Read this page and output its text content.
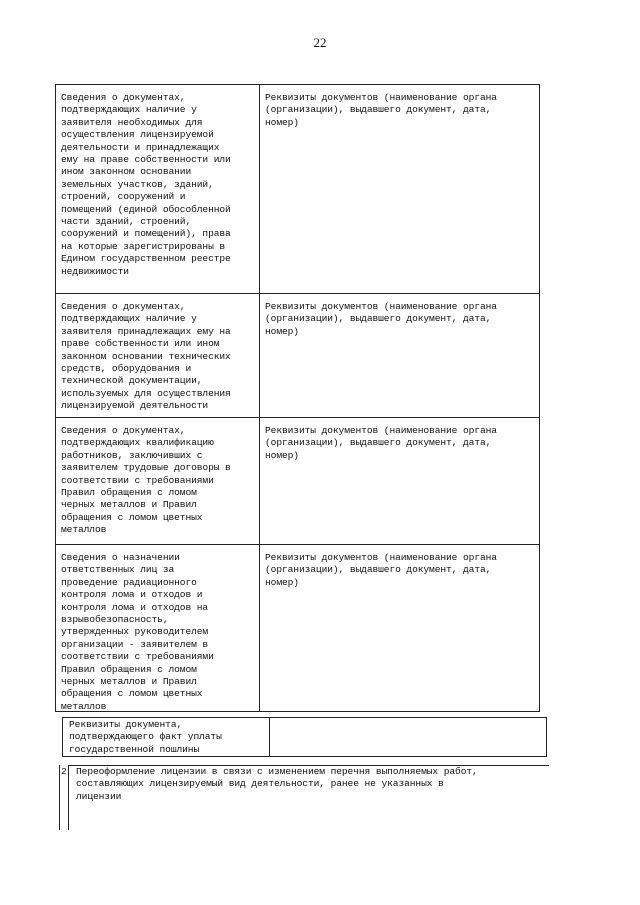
22
Сведения о документах,
подтверждающих наличие у
заявителя необходимых для
осуществления лицензируемой
деятельности и принадлежащих
ему на праве собственности или
ином законном основании
земельных участков, зданий,
строений, сооружений и
помещений (единой обособленной
части зданий, строений,
сооружений и помещений), права
на которые зарегистрированы в
Едином государственном реестре
недвижимости
Реквизиты документов (наименование органа
(организации), выдавшего документ, дата,
номер)
Сведения о документах,
подтверждающих наличие у
заявителя принадлежащих ему на
праве собственности или ином
законном основании технических
средств, оборудования и
технической документации,
используемых для осуществления
лицензируемой деятельности
Реквизиты документов (наименование органа
(организации), выдавшего документ, дата,
номер)
Сведения о документах,
подтверждающих квалификацию
работников, заключивших с
заявителем трудовые договоры в
соответствии с требованиями
Правил обращения с ломом
черных металлов и Правил
обращения с ломом цветных
металлов
Реквизиты документов (наименование органа
(организации), выдавшего документ, дата,
номер)
Сведения о назначении
ответственных лиц за
проведение радиационного
контроля лома и отходов и
контроля лома и отходов на
взрывобезопасность,
утвержденных руководителем
организации - заявителем в
соответствии с требованиями
Правил обращения с ломом
черных металлов и Правил
обращения с ломом цветных
металлов
Реквизиты документов (наименование органа
(организации), выдавшего документ, дата,
номер)
Реквизиты документа,
подтверждающего факт уплаты
государственной пошлины
2 Переоформление лицензии в связи с изменением перечня выполняемых работ,
составляющих лицензируемый вид деятельности, ранее не указанных в
лицензии
